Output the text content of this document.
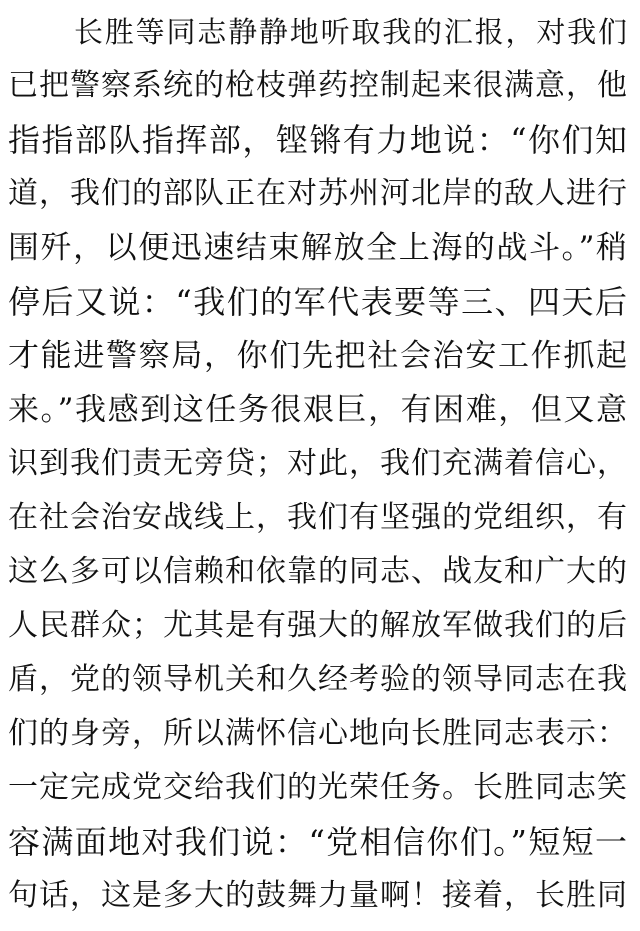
长胜等同志静静地听取我的汇报，对我们
已把警察系统的枪枝弹药控制起来很满意，他
指指部队指挥部，铿锵有力地说：“你们知
道，我们的部队正在对苏州河北岸的敌人进行
围歼，以便迅速结束解放全上海的战斗。”稍
停后又说：“我们的军代表要等三、四天后
才能进警察局，你们先把社会治安工作抓起
来。”我感到这任务很艰巨，有困难，但又意
识到我们责无旁贷；对此，我们充满着信心，
在社会治安战线上，我们有坚强的党组织，有
这么多可以信赖和依靠的同志、战友和广大的
人民群众；尤其是有强大的解放军做我们的后
盾，党的领导机关和久经考验的领导同志在我
们的身旁，所以满怀信心地向长胜同志表示：
一定完成党交给我们的光荣任务。长胜同志笑
容满面地对我们说：“党相信你们。”短短一
句话，这是多大的鼓舞力量啊！接着，长胜同
